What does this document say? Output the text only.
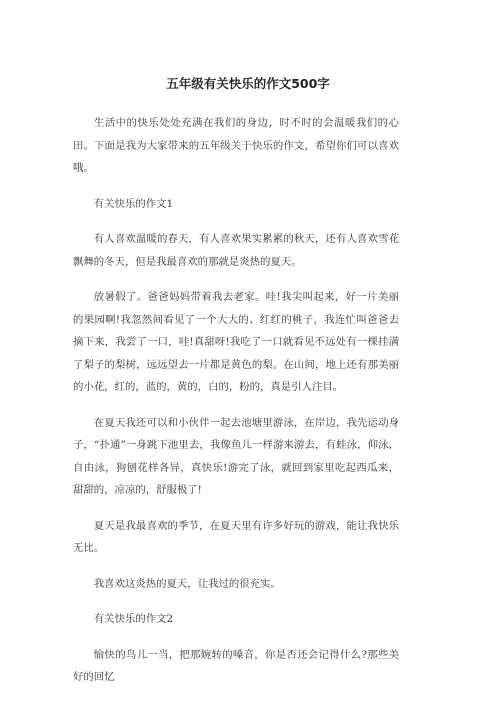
五年级有关快乐的作文500字

生活中的快乐处处充满在我们的身边，时不时的会温暖我们的心田。下面是我为大家带来的五年级关于快乐的作文，希望你们可以喜欢哦。

有关快乐的作文1

有人喜欢温暖的春天，有人喜欢果实累累的秋天，还有人喜欢雪花飘舞的冬天，但是我最喜欢的那就是炎热的夏天。

放暑假了。爸爸妈妈带着我去老家。哇!我尖叫起来，好一片美丽的果园啊!我忽然间看见了一个大大的、红红的桃子，我连忙叫爸爸去摘下来，我尝了一口，哇!真甜呀!我吃了一口就看见不远处有一棵挂满了梨子的梨树，远远望去一片都是黄色的梨。在山间，地上还有那美丽的小花，红的，蓝的，黄的，白的，粉的，真是引人注目。

在夏天我还可以和小伙伴一起去池塘里游泳，在岸边，我先运动身子，“扑通”一身跳下池里去，我像鱼儿一样游来游去，有蛙泳，仰泳，自由泳，狗刨花样各异，真快乐!游完了泳，就回到家里吃起西瓜来，甜甜的，凉凉的，舒服极了!

夏天是我最喜欢的季节，在夏天里有许多好玩的游戏，能让我快乐无比。

我喜欢这炎热的夏天，让我过的很充实。

有关快乐的作文2

愉快的鸟儿一当，把那婉转的嗓音，你是否还会记得什么?那些美好的回忆
